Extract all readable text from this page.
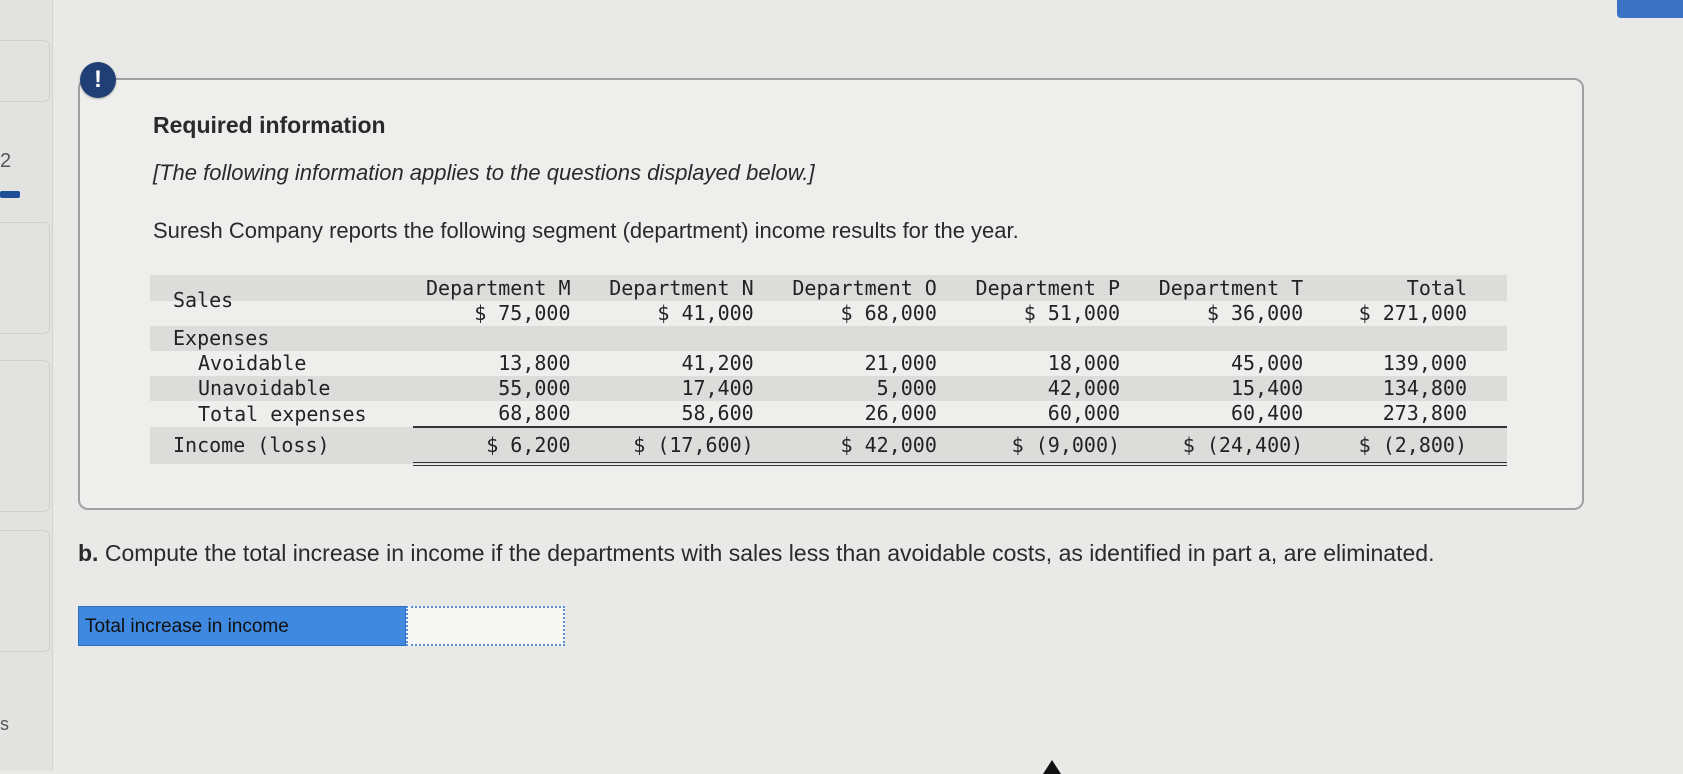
2
s
!
Required information
[The following information applies to the questions displayed below.]
Suresh Company reports the following segment (department) income results for the year.
	Department M	Department N	Department O	Department P	Department T	Total
Sales	$ 75,000	$ 41,000	$ 68,000	$ 51,000	$ 36,000	$ 271,000
Expenses						
Avoidable	13,800	41,200	21,000	18,000	45,000	139,000
Unavoidable	55,000	17,400	5,000	42,000	15,400	134,800
Total expenses	68,800	58,600	26,000	60,000	60,400	273,800
Income (loss)	$ 6,200	$ (17,600)	$ 42,000	$ (9,000)	$ (24,400)	$ (2,800)
b. Compute the total increase in income if the departments with sales less than avoidable costs, as identified in part a, are eliminated.
Total increase in income
